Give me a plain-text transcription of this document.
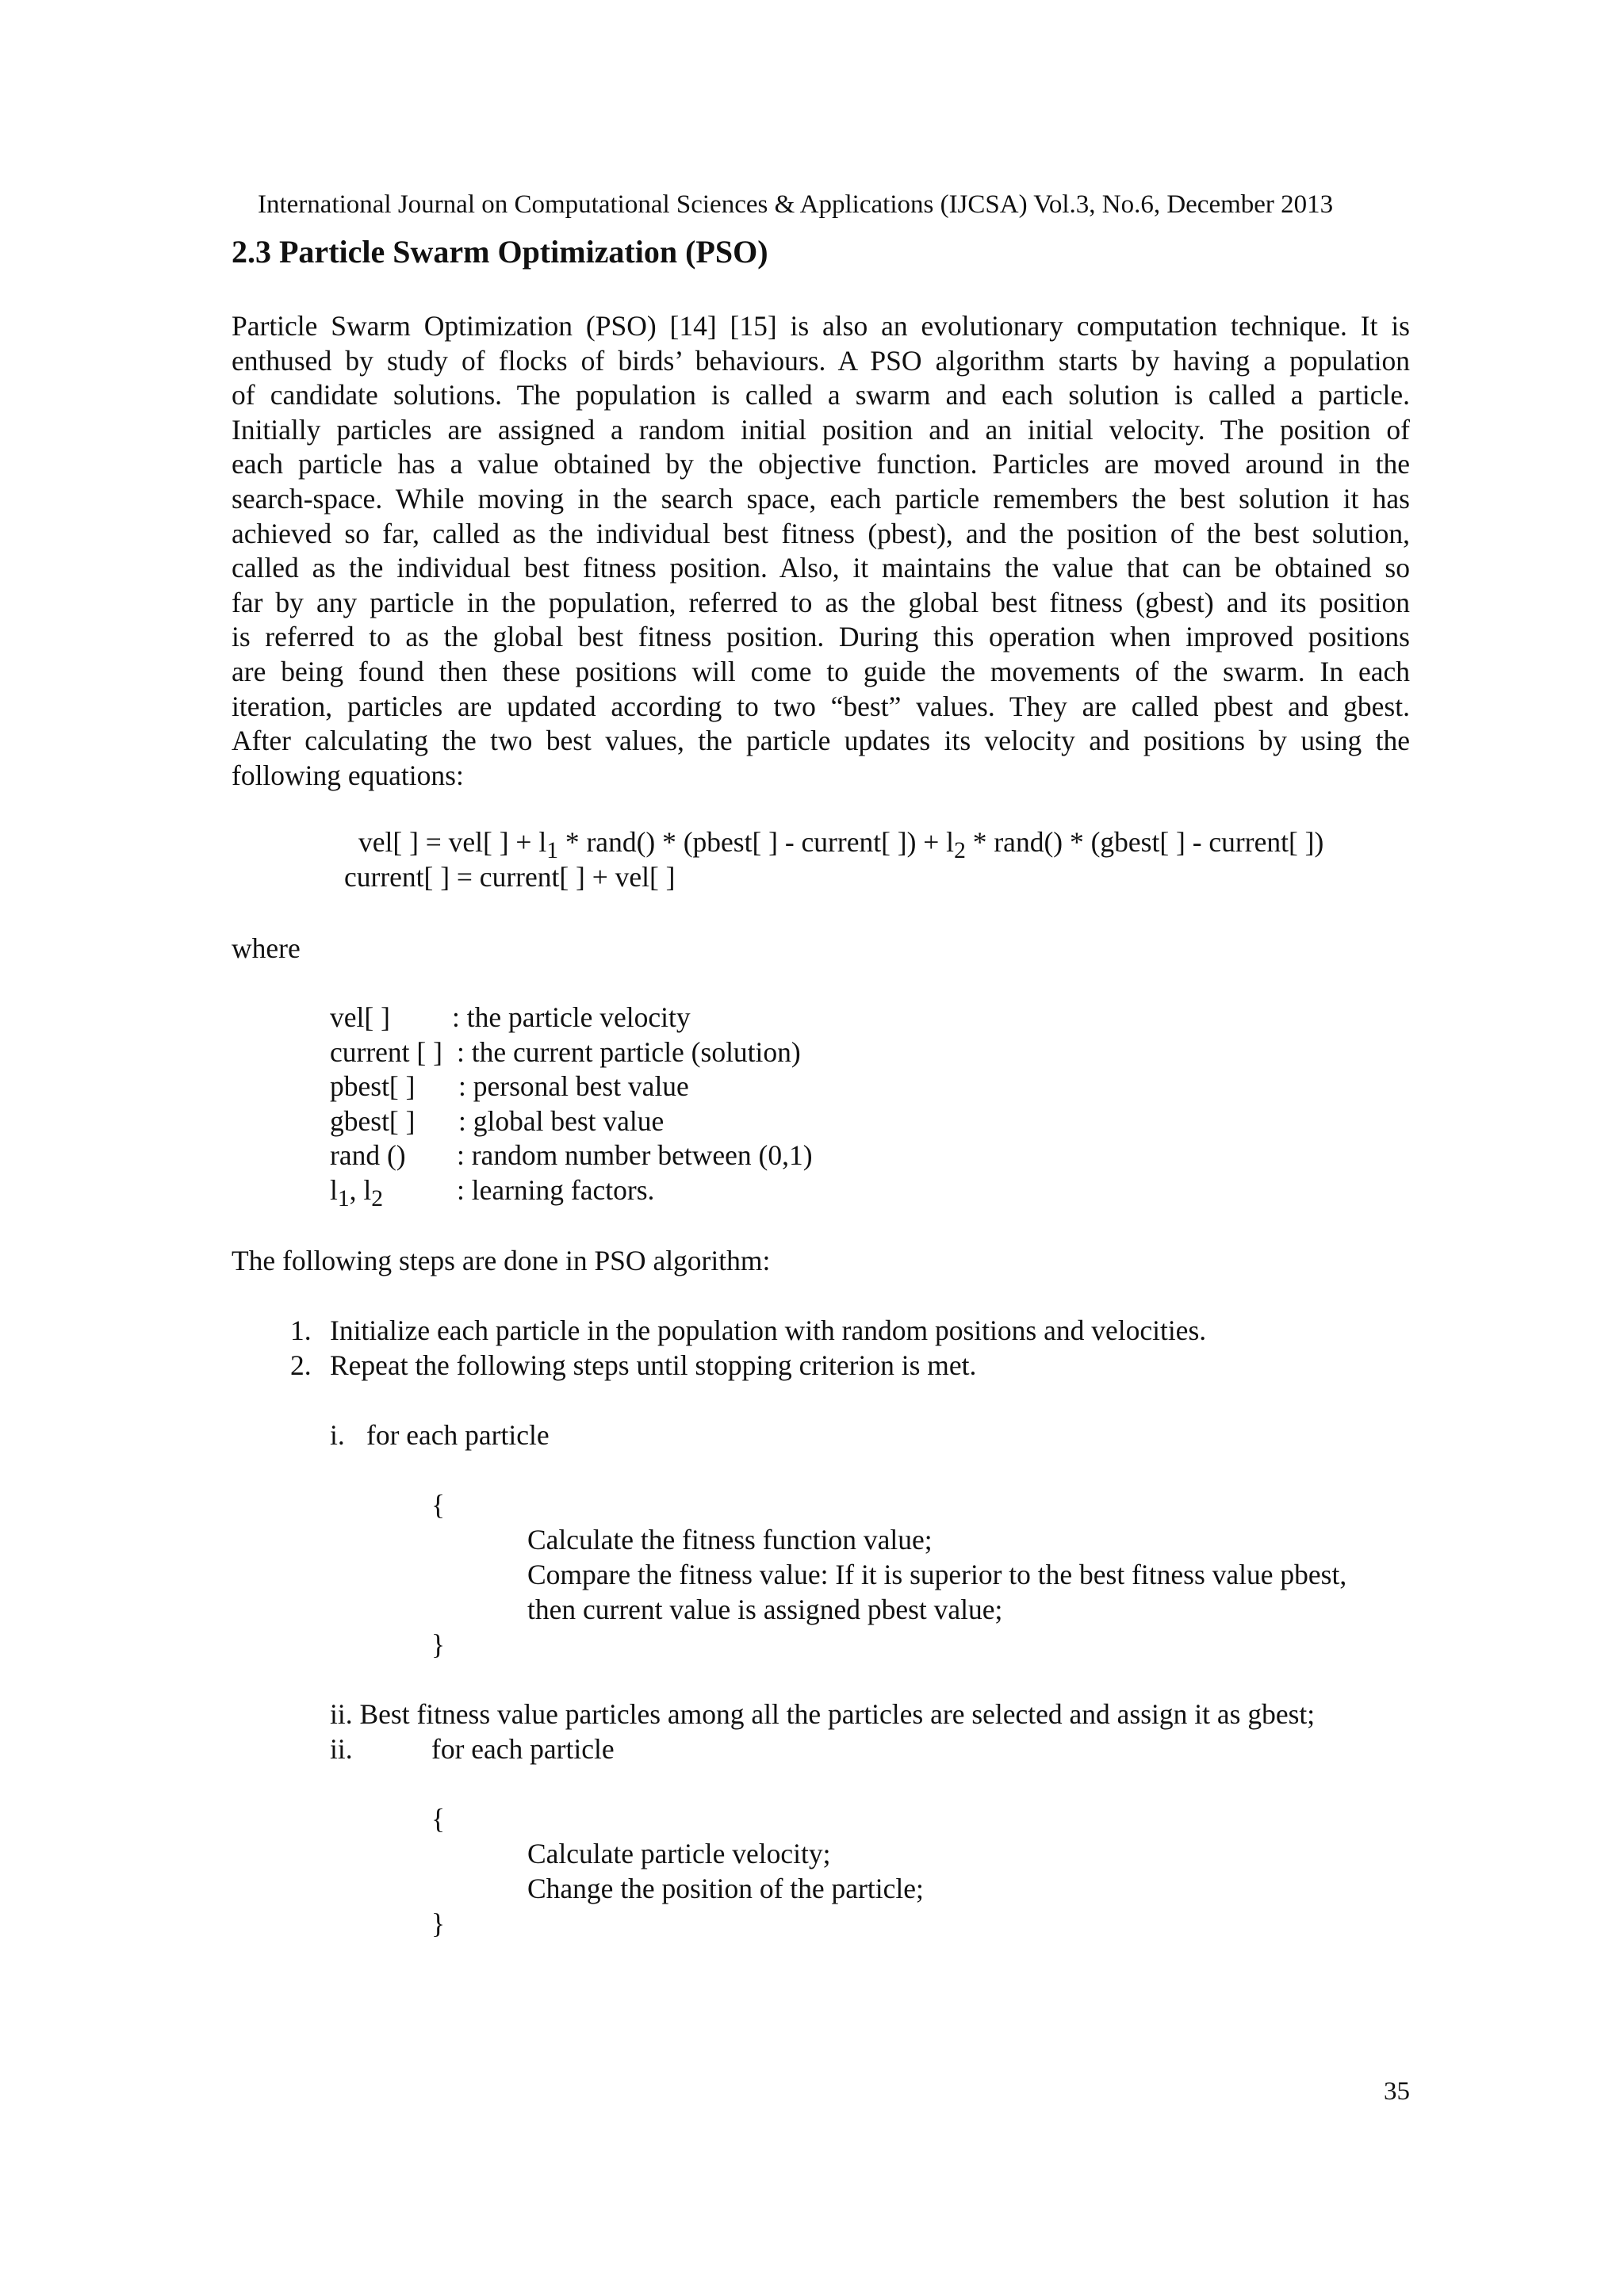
International Journal on Computational Sciences & Applications (IJCSA) Vol.3, No.6, December 2013
2.3 Particle Swarm Optimization (PSO)
Particle Swarm Optimization (PSO) [14] [15] is also an evolutionary computation technique. It is
enthused by study of flocks of birds’ behaviours. A PSO algorithm starts by having a population
of candidate solutions. The population is called a swarm and each solution is called a particle.
Initially particles are assigned a random initial position and an initial velocity. The position of
each particle has a value obtained by the objective function. Particles are moved around in the
search-space. While moving in the search space, each particle remembers the best solution it has
achieved so far, called as the individual best fitness (pbest), and the position of the best solution,
called as the individual best fitness position. Also, it maintains the value that can be obtained so
far by any particle in the population, referred to as the global best fitness (gbest) and its position
is referred to as the global best fitness position. During this operation when improved positions
are being found then these positions will come to guide the movements of the swarm. In each
iteration, particles are updated according to two “best” values. They are called pbest and gbest.
After calculating the two best values, the particle updates its velocity and positions by using the
following equations:
vel[ ] = vel[ ] + $l_1$ * rand() * (pbest[ ] - current[ ]) + $l_2$ * rand() * (gbest[ ] - current[ ])
current[ ] = current[ ] + vel[ ]
where
vel[ ] : the particle velocity
current [ ] : the current particle (solution)
pbest[ ] : personal best value
gbest[ ] : global best value
rand () : random number between (0,1)
$l_1$, $l_2$	: learning factors.
The following steps are done in PSO algorithm:
1. Initialize each particle in the population with random positions and velocities.
2. Repeat the following steps until stopping criterion is met.
i. for each particle
{
Calculate the fitness function value;
Compare the fitness value: If it is superior to the best fitness value pbest,
then current value is assigned pbest value;
}
ii. Best fitness value particles among all the particles are selected and assign it as gbest;
ii.	for each particle
{
Calculate particle velocity;
Change the position of the particle;
}
35
